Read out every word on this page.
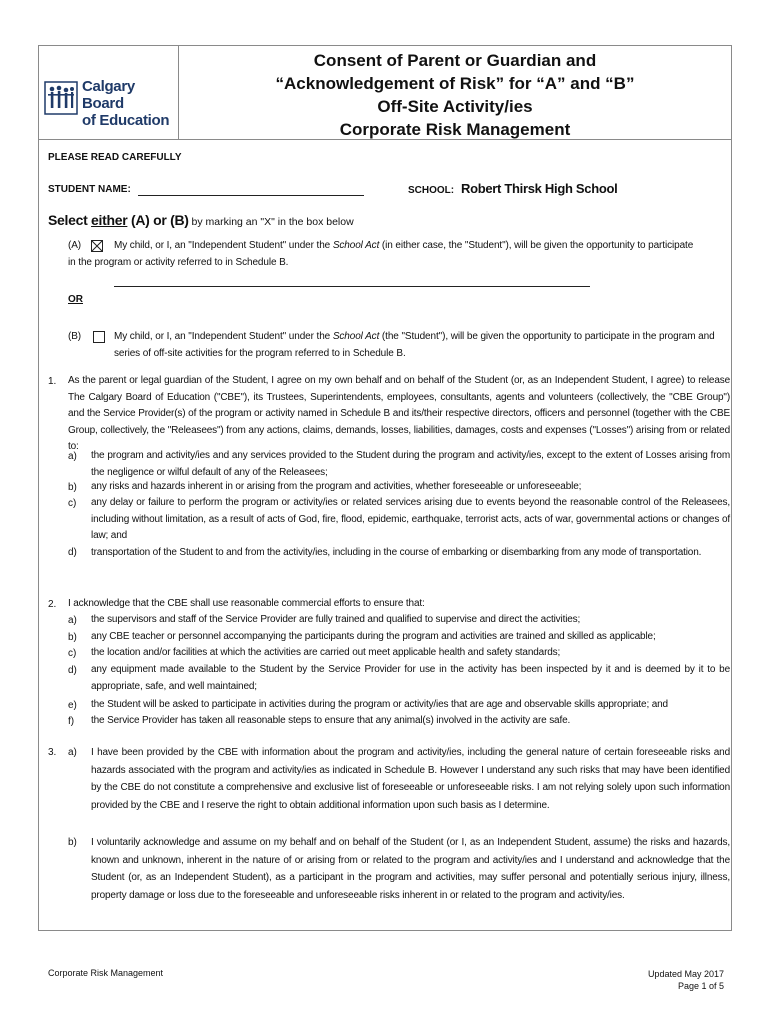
Calgary Board
of Education
Consent of Parent or Guardian and
“Acknowledgement of Risk” for “A” and “B”
Off-Site Activity/ies
Corporate Risk Management
PLEASE READ CAREFULLY
STUDENT NAME:	SCHOOL: Robert Thirsk High School
Select either (A) or (B) by marking an "X" in the box below
(A)	My child, or I, an "Independent Student" under the School Act (in either case, the "Student"), will be given the opportunity to participate
in the program or activity referred to in Schedule B.
OR
(B)	My child, or I, an "Independent Student" under the School Act (the "Student"), will be given the opportunity to participate in the program and series of off-site activities for the program referred to in Schedule B.
1. As the parent or legal guardian of the Student, I agree on my own behalf and on behalf of the Student (or, as an Independent Student, I agree) to release The Calgary Board of Education ("CBE"), its Trustees, Superintendents, employees, consultants, agents and volunteers (collectively, the "CBE Group") and the Service Provider(s) of the program or activity named in Schedule B and its/their respective directors, officers and personnel (together with the CBE Group, collectively, the "Releasees") from any actions, claims, demands, losses, liabilities, damages, costs and expenses ("Losses") arising from or related to:
a) the program and activity/ies and any services provided to the Student during the program and activity/ies, except to the extent of Losses arising from the negligence or wilful default of any of the Releasees;
b) any risks and hazards inherent in or arising from the program and activities, whether foreseeable or unforeseeable;
c) any delay or failure to perform the program or activity/ies or related services arising due to events beyond the reasonable control of the Releasees, including without limitation, as a result of acts of God, fire, flood, epidemic, earthquake, terrorist acts, acts of war, governmental actions or changes of law; and
d) transportation of the Student to and from the activity/ies, including in the course of embarking or disembarking from any mode of transportation.
2. I acknowledge that the CBE shall use reasonable commercial efforts to ensure that:
a) the supervisors and staff of the Service Provider are fully trained and qualified to supervise and direct the activities;
b) any CBE teacher or personnel accompanying the participants during the program and activities are trained and skilled as applicable;
c) the location and/or facilities at which the activities are carried out meet applicable health and safety standards;
d) any equipment made available to the Student by the Service Provider for use in the activity has been inspected by it and is deemed by it to be appropriate, safe, and well maintained;
e) the Student will be asked to participate in activities during the program or activity/ies that are age and observable skills appropriate; and
f) the Service Provider has taken all reasonable steps to ensure that any animal(s) involved in the activity are safe.
3. a) I have been provided by the CBE with information about the program and activity/ies, including the general nature of certain foreseeable risks and hazards associated with the program and activity/ies as indicated in Schedule B. However I understand any such risks that may have been identified by the CBE do not constitute a comprehensive and exclusive list of foreseeable or unforeseeable risks. I am not relying solely upon such information provided by the CBE and I reserve the right to obtain additional information upon such basis as I determine.
b) I voluntarily acknowledge and assume on my behalf and on behalf of the Student (or I, as an Independent Student, assume) the risks and hazards, known and unknown, inherent in the nature of or arising from or related to the program and activity/ies and I understand and acknowledge that the Student (or, as an Independent Student), as a participant in the program and activities, may suffer personal and potentially serious injury, illness, property damage or loss due to the foreseeable and unforeseeable risks inherent in or related to the program and activity/ies.
Corporate Risk Management	Updated May 2017
Page 1 of 5
